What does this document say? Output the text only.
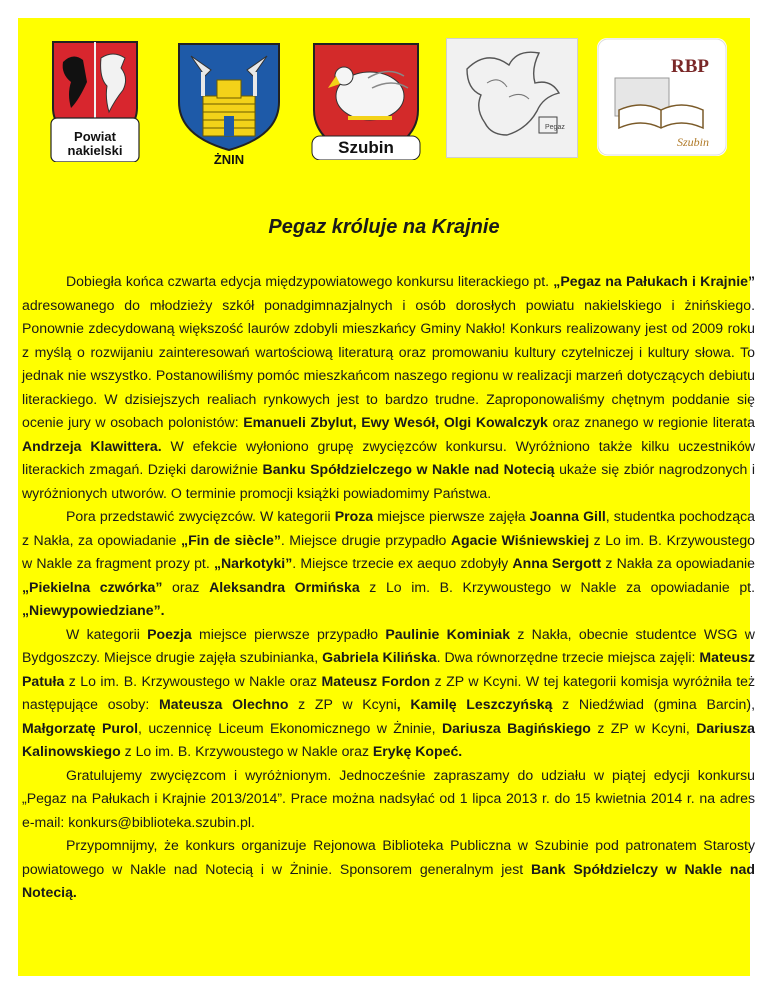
Powiat
nakielski
ŻNIN
Szubin
Pegaz
RBP
Szubin
Pegaz króluje na Krajnie

Dobiegła końca czwarta edycja międzypowiatowego konkursu literackiego pt. „Pegaz na Pałukach i Krajnie” adresowanego do młodzieży szkół ponadgimnazjalnych i osób dorosłych powiatu nakielskiego i żnińskiego. Ponownie zdecydowaną większość laurów zdobyli mieszkańcy Gminy Nakło! Konkurs realizowany jest od 2009 roku z myślą o rozwijaniu zainteresowań wartościową literaturą oraz promowaniu kultury czytelniczej i kultury słowa. To jednak nie wszystko. Postanowiliśmy pomóc mieszkańcom naszego regionu w realizacji marzeń dotyczących debiutu literackiego. W dzisiejszych realiach rynkowych jest to bardzo trudne. Zaproponowaliśmy chętnym poddanie się ocenie jury w osobach polonistów: Emanueli Zbylut, Ewy Wesół, Olgi Kowalczyk oraz znanego w regionie literata Andrzeja Klawittera. W efekcie wyłoniono grupę zwycięzców konkursu. Wyróżniono także kilku uczestników literackich zmagań. Dzięki darowiźnie Banku Spółdzielczego w Nakle nad Notecią ukaże się zbiór nagrodzonych i wyróżnionych utworów. O terminie promocji książki powiadomimy Państwa.

Pora przedstawić zwycięzców. W kategorii Proza miejsce pierwsze zajęła Joanna Gill, studentka pochodząca z Nakła, za opowiadanie „Fin de siècle”. Miejsce drugie przypadło Agacie Wiśniewskiej z Lo im. B. Krzywoustego w Nakle za fragment prozy pt. „Narkotyki”. Miejsce trzecie ex aequo zdobyły Anna Sergott z Nakła za opowiadanie „Piekielna czwórka” oraz Aleksandra Ormińska z Lo im. B. Krzywoustego w Nakle za opowiadanie pt. „Niewypowiedziane”.

W kategorii Poezja miejsce pierwsze przypadło Paulinie Kominiak z Nakła, obecnie studentce WSG w Bydgoszczy. Miejsce drugie zajęła szubinianka, Gabriela Kilińska. Dwa równorzędne trzecie miejsca zajęli: Mateusz Patuła z Lo im. B. Krzywoustego w Nakle oraz Mateusz Fordon z ZP w Kcyni. W tej kategorii komisja wyróżniła też następujące osoby: Mateusza Olechno z ZP w Kcyni, Kamilę Leszczyńską z Niedźwiad (gmina Barcin), Małgorzatę Purol, uczennicę Liceum Ekonomicznego w Żninie, Dariusza Bagińskiego z ZP w Kcyni, Dariusza Kalinowskiego z Lo im. B. Krzywoustego w Nakle oraz Erykę Kopeć.

Gratulujemy zwycięzcom i wyróżnionym. Jednocześnie zapraszamy do udziału w piątej edycji konkursu „Pegaz na Pałukach i Krajnie 2013/2014”. Prace można nadsyłać od 1 lipca 2013 r. do 15 kwietnia 2014 r. na adres e-mail: konkurs@biblioteka.szubin.pl.

Przypomnijmy, że konkurs organizuje Rejonowa Biblioteka Publiczna w Szubinie pod patronatem Starosty powiatowego w Nakle nad Notecią i w Żninie. Sponsorem generalnym jest Bank Spółdzielczy w Nakle nad Notecią.
